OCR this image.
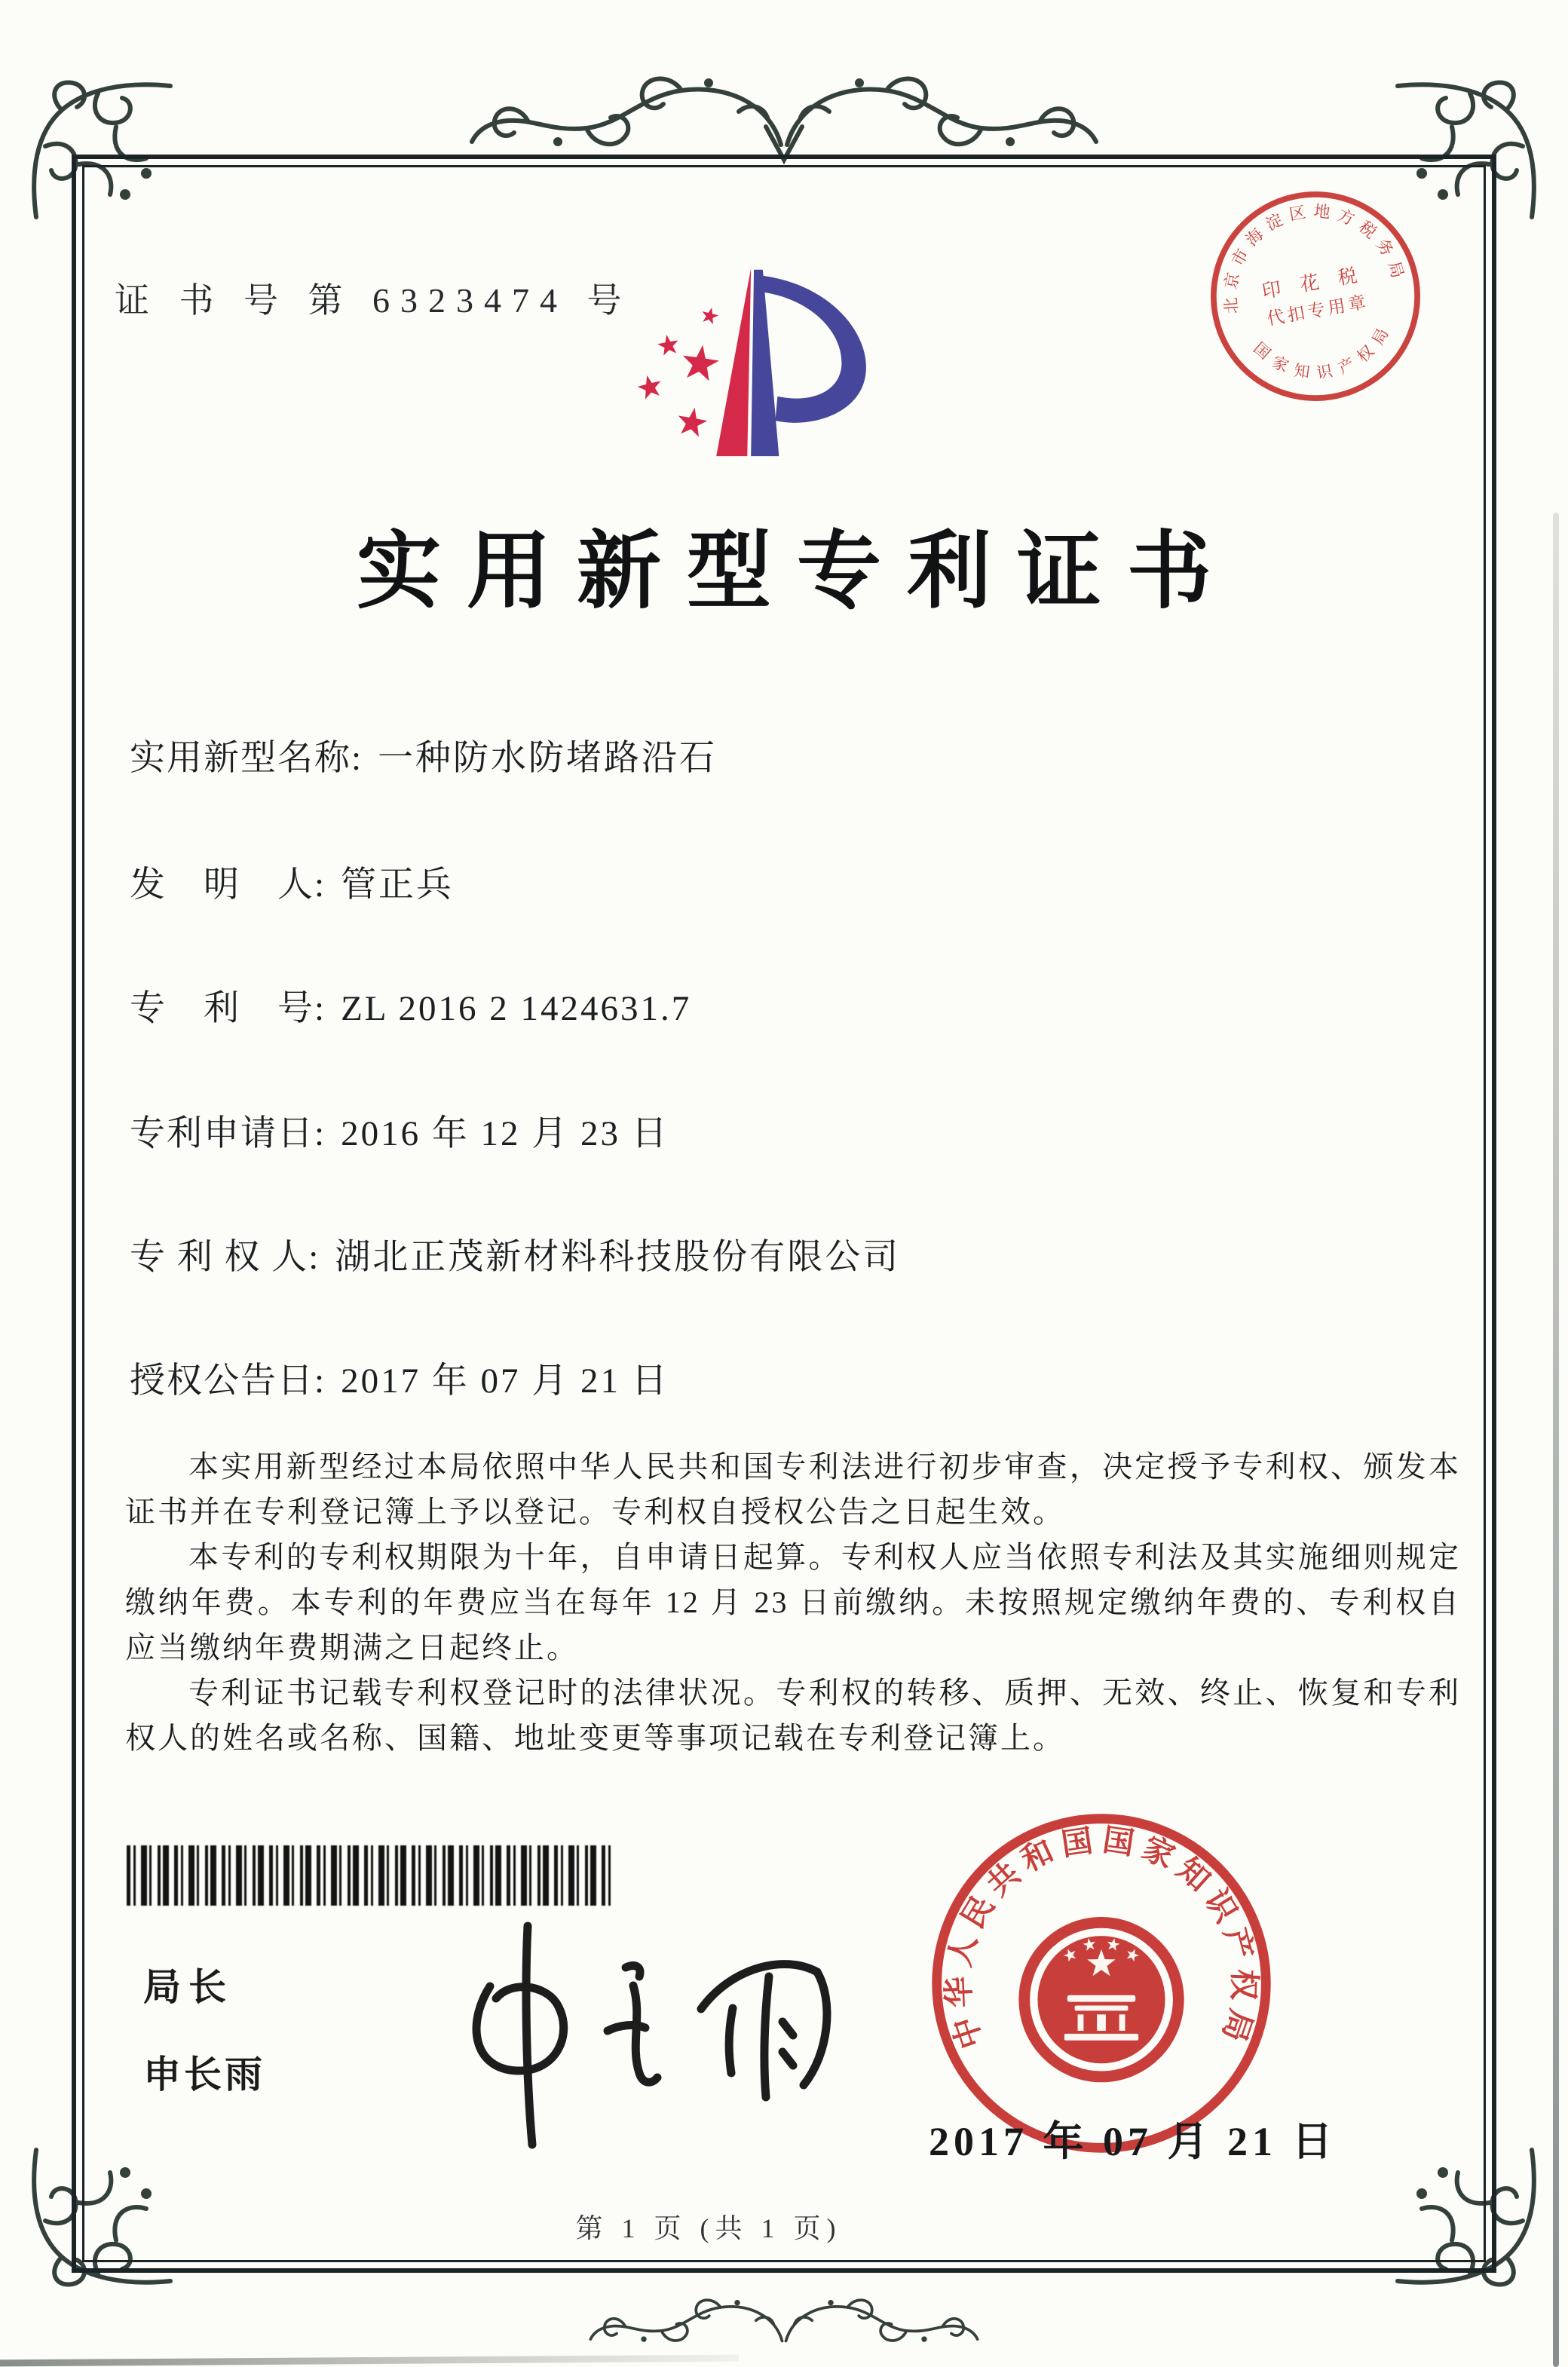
证 书 号 第 6323474 号	北京市海淀区地方税务局
国家知识产权局
印 花 税
代扣专用章
实用新型专利证书
实用新型名称: 一种防水防堵路沿石
发　明　人: 管正兵
专　利　号: ZL 2016 2 1424631.7
专利申请日: 2016 年 12 月 23 日
专 利 权 人: 湖北正茂新材料科技股份有限公司
授权公告日: 2017 年 07 月 21 日

本实用新型经过本局依照中华人民共和国专利法进行初步审查，决定授予专利权、颁发本证书并在专利登记簿上予以登记。专利权自授权公告之日起生效。

本专利的专利权期限为十年，自申请日起算。专利权人应当依照专利法及其实施细则规定缴纳年费。本专利的年费应当在每年 12 月 23 日前缴纳。未按照规定缴纳年费的、专利权自应当缴纳年费期满之日起终止。

专利证书记载专利权登记时的法律状况。专利权的转移、质押、无效、终止、恢复和专利权人的姓名或名称、国籍、地址变更等事项记载在专利登记簿上。

局长
申长雨
中华人民共和国国家知识产权局
2017 年 07 月 21 日
第 1 页 (共 1 页)
